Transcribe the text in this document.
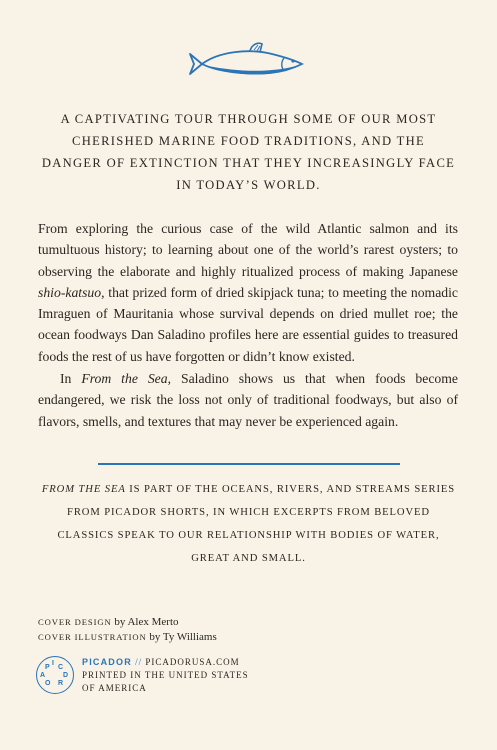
A CAPTIVATING TOUR THROUGH SOME OF OUR MOST CHERISHED MARINE FOOD TRADITIONS, AND THE DANGER OF EXTINCTION THAT THEY INCREASINGLY FACE IN TODAY’S WORLD.

From exploring the curious case of the wild Atlantic salmon and its tumultuous history; to learning about one of the world’s rarest oysters; to observing the elaborate and highly ritualized process of making Japanese shio-katsuo, that prized form of dried skipjack tuna; to meeting the nomadic Imraguen of Mauritania whose survival depends on dried mullet roe; the ocean foodways Dan Saladino profiles here are essential guides to treasured foods the rest of us have forgotten or didn’t know existed.

In From the Sea, Saladino shows us that when foods become endangered, we risk the loss not only of traditional foodways, but also of flavors, smells, and textures that may never be experienced again.

FROM THE SEA IS PART OF THE OCEANS, RIVERS, AND STREAMS SERIES FROM PICADOR SHORTS, IN WHICH EXCERPTS FROM BELOVED CLASSICS SPEAK TO OUR RELATIONSHIP WITH BODIES OF WATER, GREAT AND SMALL.
COVER DESIGN by Alex Merto
COVER ILLUSTRATION by Ty Williams
P
I
C
A	D
O R
PICADOR // PICADORUSA.COM
PRINTED IN THE UNITED STATES OF AMERICA
